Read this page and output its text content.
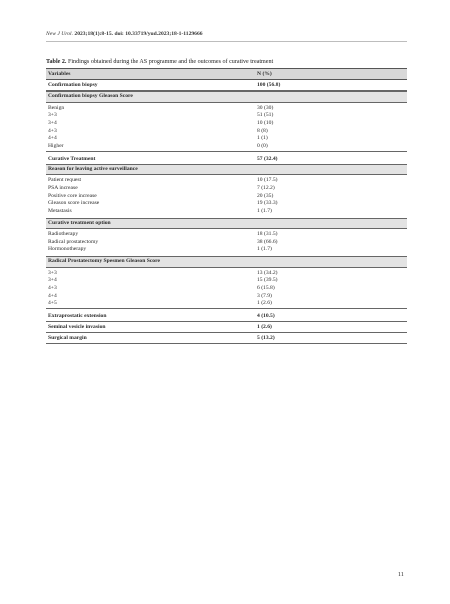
New J Urol. 2023;18(1):8-15. doi: 10.33719/yud.2023;18-1-1129666
Table 2. Findings obtained during the AS programme and the outcomes of curative treatment
Variables	N (%)
Confirmation biopsy	100 (56.8)
Confirmation biopsy Gleason Score
Benign	30 (30)
3+3	51 (51)
3+4	10 (10)
4+3	8 (8)
4+4	1 (1)
Higher	0 (0)
Curative Treatment	57 (32.4)
Reason for leaving active surveillance
Patient request	10 (17.5)
PSA increase	7 (12.2)
Positive core increase	20 (35)
Gleason score increase	19 (33.3)
Metastasis	1 (1.7)
Curative treatment option
Radiotherapy	18 (31.5)
Radical prostatectomy	38 (66.6)
Hormonotherapy	1 (1.7)
Radical Prostatectomy Spesmen Gleason Score
3+3	13 (34.2)
3+4	15 (39.5)
4+3	6 (15.8)
4+4	3 (7.9)
4+5	1 (2.6)
Extraprostatic extension	4 (10.5)
Seminal vesicle invasion	1 (2.6)
Surgical margin	5 (13.2)
11
